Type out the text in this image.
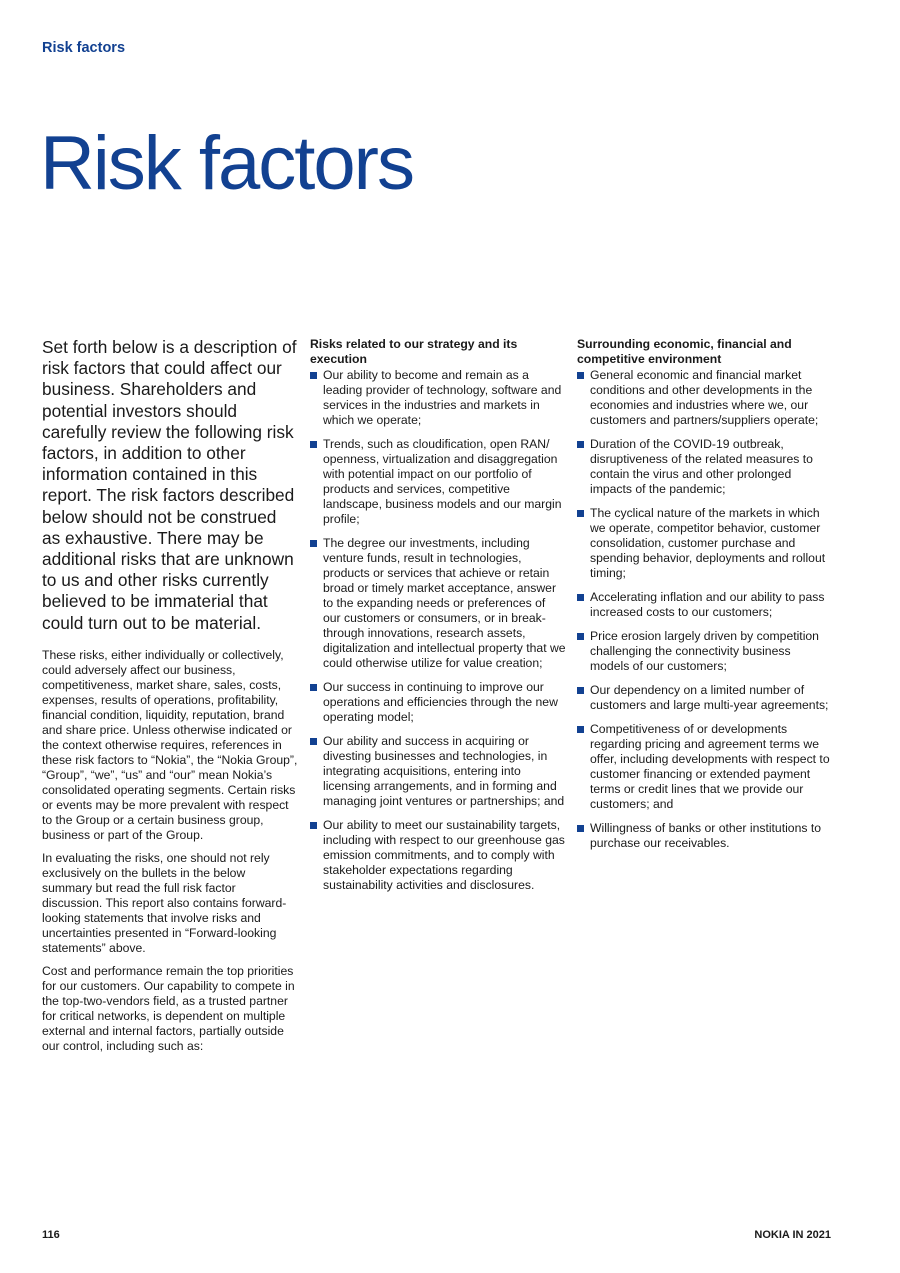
Risk factors
Risk factors

Set forth below is a description of risk factors that could affect our business. Shareholders and potential investors should carefully review the following risk factors, in addition to other information contained in this report. The risk factors described below should not be construed as exhaustive. There may be additional risks that are unknown to us and other risks currently believed to be immaterial that could turn out to be material.

These risks, either individually or collectively, could adversely affect our business, competitiveness, market share, sales, costs, expenses, results of operations, profitability, financial condition, liquidity, reputation, brand and share price. Unless otherwise indicated or the context otherwise requires, references in these risk factors to “Nokia”, the “Nokia Group”, “Group”, “we”, “us” and “our” mean Nokia’s consolidated operating segments. Certain risks or events may be more prevalent with respect to the Group or a certain business group, business or part of the Group.

In evaluating the risks, one should not rely exclusively on the bullets in the below summary but read the full risk factor discussion. This report also contains forward-looking statements that involve risks and uncertainties presented in “Forward-looking statements” above.

Cost and performance remain the top priorities for our customers. Our capability to compete in the top-two-vendors field, as a trusted partner for critical networks, is dependent on multiple external and internal factors, partially outside our control, including such as:

Risks related to our strategy and its execution
Our ability to become and remain as a leading provider of technology, software and services in the industries and markets in which we operate;
Trends, such as cloudification, open RAN/ openness, virtualization and disaggregation with potential impact on our portfolio of products and services, competitive landscape, business models and our margin profile;
The degree our investments, including venture funds, result in technologies, products or services that achieve or retain broad or timely market acceptance, answer to the expanding needs or preferences of our customers or consumers, or in break-through innovations, research assets, digitalization and intellectual property that we could otherwise utilize for value creation;
Our success in continuing to improve our operations and efficiencies through the new operating model;
Our ability and success in acquiring or divesting businesses and technologies, in integrating acquisitions, entering into licensing arrangements, and in forming and managing joint ventures or partnerships; and
Our ability to meet our sustainability targets, including with respect to our greenhouse gas emission commitments, and to comply with stakeholder expectations regarding sustainability activities and disclosures.
Surrounding economic, financial and competitive environment
General economic and financial market conditions and other developments in the economies and industries where we, our customers and partners/suppliers operate;
Duration of the COVID-19 outbreak, disruptiveness of the related measures to contain the virus and other prolonged impacts of the pandemic;
The cyclical nature of the markets in which we operate, competitor behavior, customer consolidation, customer purchase and spending behavior, deployments and rollout timing;
Accelerating inflation and our ability to pass increased costs to our customers;
Price erosion largely driven by competition challenging the connectivity business models of our customers;
Our dependency on a limited number of customers and large multi-year agreements;
Competitiveness of or developments regarding pricing and agreement terms we offer, including developments with respect to customer financing or extended payment terms or credit lines that we provide our customers; and
Willingness of banks or other institutions to purchase our receivables.
116	NOKIA IN 2021
